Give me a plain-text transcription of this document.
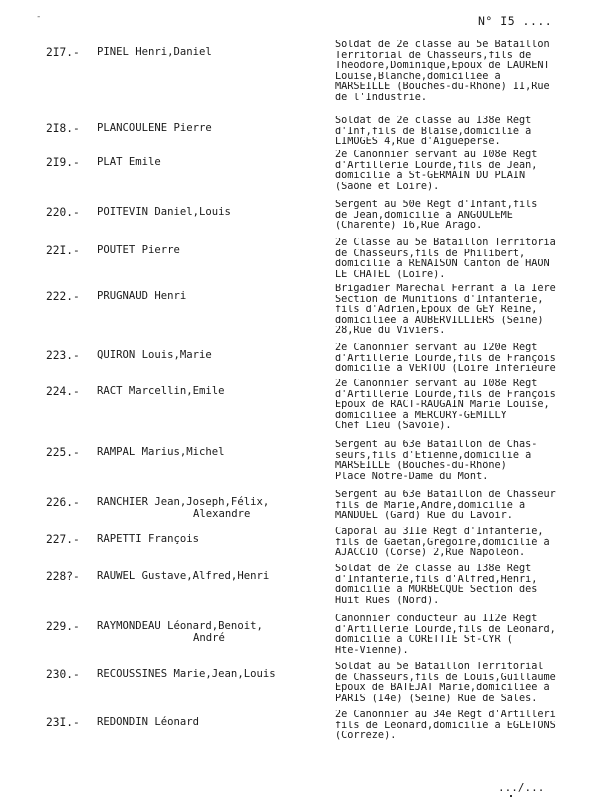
-	N° I5 ....
2I7.- PINEL Henri,Daniel
Soldat de 2e classe au 5e Bataillon
Territorial de Chasseurs,fils de
Théodore,Dominique,Epoux de LAURENT
Louise,Blanche,domiciliée à
MARSEILLE (Bouches-du-Rhône) II,Rue
de l'Industrie.
2I8.- PLANCOULENE Pierre
Soldat de 2e classe au I38e Régt
d'Inf,fils de Blaise,domicilié à
LIMOGES 4,Rue d'Aigueperse.
2I9.- PLAT Emile
2e Canonnier servant au I08e Régt
d'Artillerie Lourde,fils de Jean,
domicilié à St-GERMAIN DU PLAIN
(Saône et Loire).
220.- POITEVIN Daniel,Louis
Sergent au 50e Régt d'Infant,fils
de Jean,domicilié à ANGOULEME
(Charente) I6,Rue Arago.
22I.- POUTET Pierre
2e Classe au 5e Bataillon Territoria
de Chasseurs,fils de Philibert,
domicilié à RENAISON Canton de HAON
LE CHATEL (Loire).
222.- PRUGNAUD Henri
Brigadier Maréchal Ferrant à la Ière
Section de Munitions d'Infanterie,
fils d'Adrien,Epoux de GEY Reine,
domiciliée à AUBERVILLIERS (Seine)
28,Rue du Viviers.
223.- QUIRON Louis,Marie
2e Canonnier servant au I20e Régt
d'Artillerie Lourde,fils de François
domicilié à VERTOU (Loire Inférieure
224.- RACT Marcellin,Emile
2e Canonnier servant au I08e Régt
d'Artillerie Lourde,fils de François
Epoux de RACT-RAUGAIN Marie Louise,
domiciliée à MERCURY-GEMILLY
Chef Lieu (Savoie).
225.- RAMPAL Marius,Michel
Sergent au 63e Bataillon de Chas-
seurs,fils d'Etienne,domicilié à
MARSEILLE (Bouches-du-Rhône)
Place Notre-Dame du Mont.
226.- RANCHIER Jean,Joseph,Félix,
Alexandre
Sergent au 63e Bataillon de Chasseur
fils de Marie,André,domicilié à
MANDUEL (Gard) Rue du Lavoir.
227.- RAPETTI François
Caporal au 3IIe Régt d'Infanterie,
fils de Gaëtan,Grégoire,domicilié à
AJACCIO (Corse) 2,Rue Napoléon.
228?- RAUWEL Gustave,Alfred,Henri
Soldat de 2e classe au I38e Régt
d'Infanterie,fils d'Alfred,Henri,
domicilié à MORBECQUE Section des
Huit Rues (Nord).
229.- RAYMONDEAU Léonard,Benoit,
André
Canonnier conducteur au II2e Régt
d'Artillerie Lourde,fils de Léonard,
domicilié à CORETTIE St-CYR (
Hte-Vienne).
230.- RECOUSSINES Marie,Jean,Louis
Soldat au 5e Bataillon Territorial
de Chasseurs,fils de Louis,Guillaume
Epoux de BATEJAT Marie,domiciliée à
PARIS (I4e) (Seine) Rue de Sales.
23I.- REDONDIN Léonard
2e Canonnier au 34e Régt d'Artilleri
fils de Léonard,domicilié à EGLETONS
(Corrèze).
.../...
